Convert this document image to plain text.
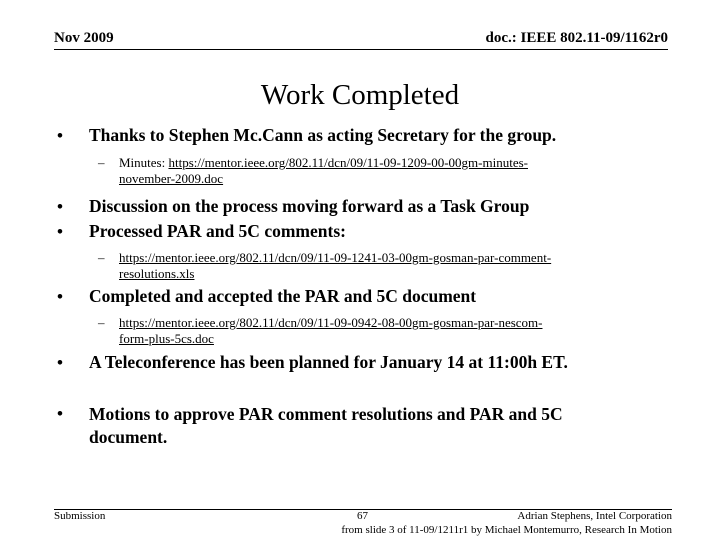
Nov 2009	doc.: IEEE 802.11-09/1162r0
Work Completed
• Thanks to Stephen Mc.Cann as acting Secretary for the group.
– Minutes: https://mentor.ieee.org/802.11/dcn/09/11-09-1209-00-00gm-minutes-
november-2009.doc
• Discussion on the process moving forward as a Task Group
• Processed PAR and 5C comments:
– https://mentor.ieee.org/802.11/dcn/09/11-09-1241-03-00gm-gosman-par-comment-
resolutions.xls
• Completed and accepted the PAR and 5C document
– https://mentor.ieee.org/802.11/dcn/09/11-09-0942-08-00gm-gosman-par-nescom-
form-plus-5cs.doc
• A Teleconference has been planned for January 14 at 11:00h ET.
• Motions to approve PAR comment resolutions and PAR and 5C
document.
Submission	67	Adrian Stephens, Intel Corporation
from slide 3 of 11-09/1211r1 by Michael Montemurro, Research In Motion
